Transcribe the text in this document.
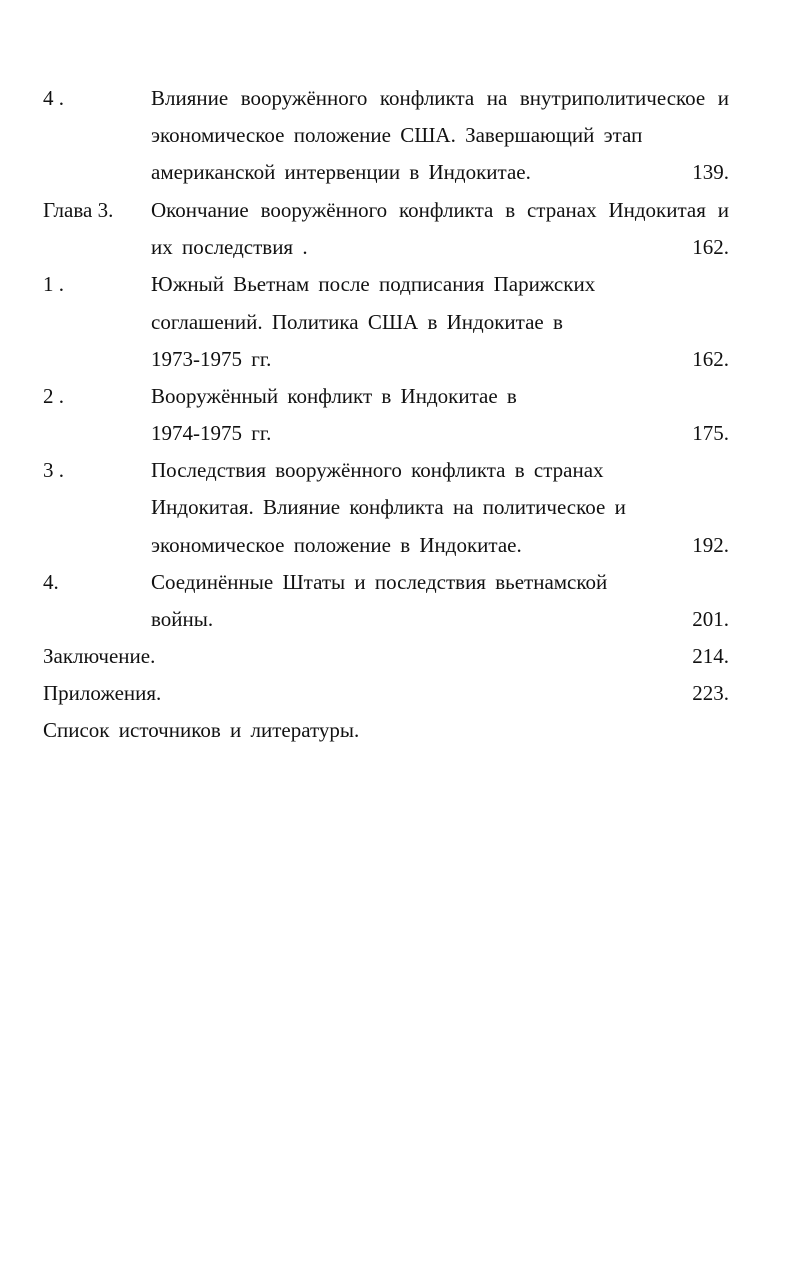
4 .	Влияние вооружённого конфликта на внутриполитическое и
экономическое положение США. Завершающий этап
американской интервенции в Индокитае.	139.
Глава 3. Окончание вооружённого конфликта в странах Индокитая и
их последствия .	162.
1 .	Южный Вьетнам после подписания Парижских
соглашений. Политика США в Индокитае в
1973-1975 гг.	162.
2 .	Вооружённый конфликт в Индокитае в
1974-1975 гг.	175.
3 .	Последствия вооружённого конфликта в странах
Индокитая. Влияние конфликта на политическое и
экономическое положение в Индокитае.	192.
4.	Соединённые Штаты и последствия вьетнамской
войны.	201.
Заключение.	214.
Приложения.	223.
Список источников и литературы.
